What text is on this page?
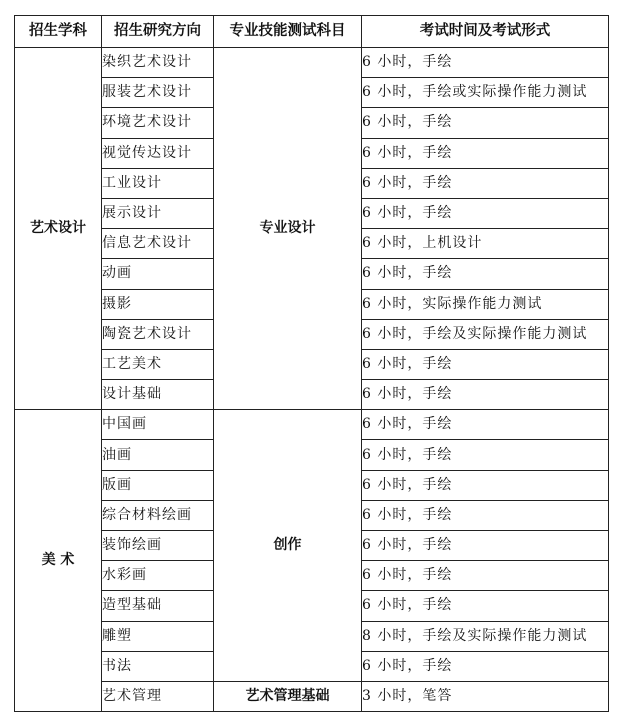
招生学科	招生研究方向	专业技能测试科目	考试时间及考试形式
艺术设计	染织艺术设计	专业设计	6 小时，手绘
	服装艺术设计		6 小时，手绘或实际操作能力测试
	环境艺术设计		6 小时，手绘
	视觉传达设计		6 小时，手绘
	工业设计		6 小时，手绘
	展示设计		6 小时，手绘
	信息艺术设计		6 小时，上机设计
	动画		6 小时，手绘
	摄影		6 小时，实际操作能力测试
	陶瓷艺术设计		6 小时，手绘及实际操作能力测试
	工艺美术		6 小时，手绘
	设计基础		6 小时，手绘
美 术	中国画	创作	6 小时，手绘
	油画		6 小时，手绘
	版画		6 小时，手绘
	综合材料绘画		6 小时，手绘
	装饰绘画		6 小时，手绘
	水彩画		6 小时，手绘
	造型基础		6 小时，手绘
	雕塑		8 小时，手绘及实际操作能力测试
	书法		6 小时，手绘
	艺术管理	艺术管理基础	3 小时，笔答
